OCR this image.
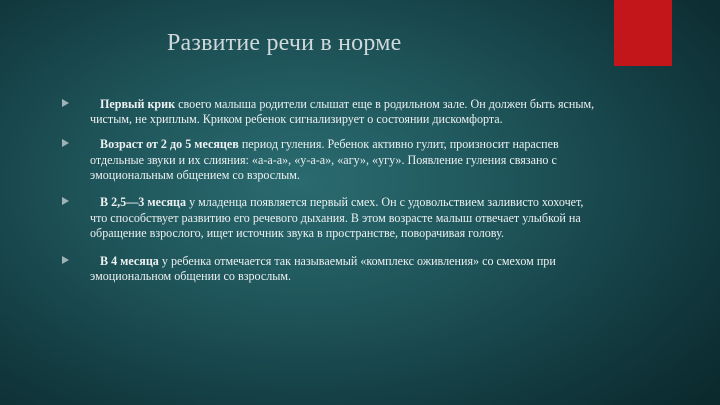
Развитие речи в норме
Первый крик своего малыша родители слышат еще в родильном зале. Он должен быть ясным, чистым, не хриплым. Криком ребенок сигнализирует о состоянии дискомфорта.
Возраст от 2 до 5 месяцев период гуления. Ребенок активно гулит, произносит нараспев отдельные звуки и их слияния: «а-а-а», «у-а-а», «агу», «угу». Появление гуления связано с эмоциональным общением со взрослым.
В 2,5—3 месяца у младенца появляется первый смех. Он с удовольствием заливисто хохочет, что способствует развитию его речевого дыхания. В этом возрасте малыш отвечает улыбкой на обращение взрослого, ищет источник звука в пространстве, поворачивая голову.
В 4 месяца у ребенка отмечается так называемый «комплекс оживления» со смехом при эмоциональном общении со взрослым.
